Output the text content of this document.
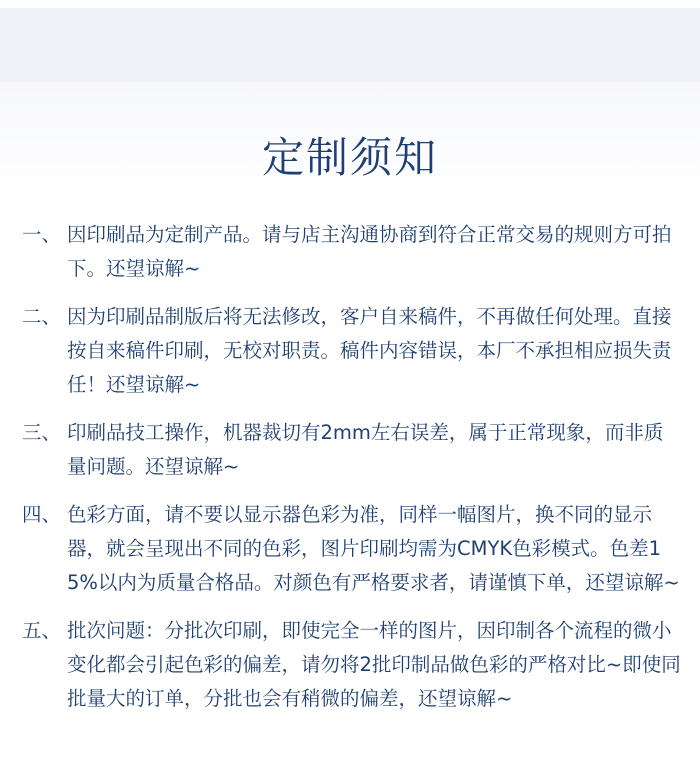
定制须知
一、 因印刷品为定制产品。请与店主沟通协商到符合正常交易的规则方可拍下。还望谅解~
二、 因为印刷品制版后将无法修改，客户自来稿件，不再做任何处理。直接按自来稿件印刷，无校对职责。稿件内容错误，本厂不承担相应损失责任！还望谅解~
三、 印刷品技工操作，机器裁切有2mm左右误差，属于正常现象，而非质量问题。还望谅解~
四、 色彩方面，请不要以显示器色彩为准，同样一幅图片，换不同的显示器，就会呈现出不同的色彩，图片印刷均需为CMYK色彩模式。色差15%以内为质量合格品。对颜色有严格要求者，请谨慎下单，还望谅解~
五、 批次问题：分批次印刷，即使完全一样的图片，因印制各个流程的微小变化都会引起色彩的偏差，请勿将2批印制品做色彩的严格对比~即使同批量大的订单，分批也会有稍微的偏差，还望谅解~
